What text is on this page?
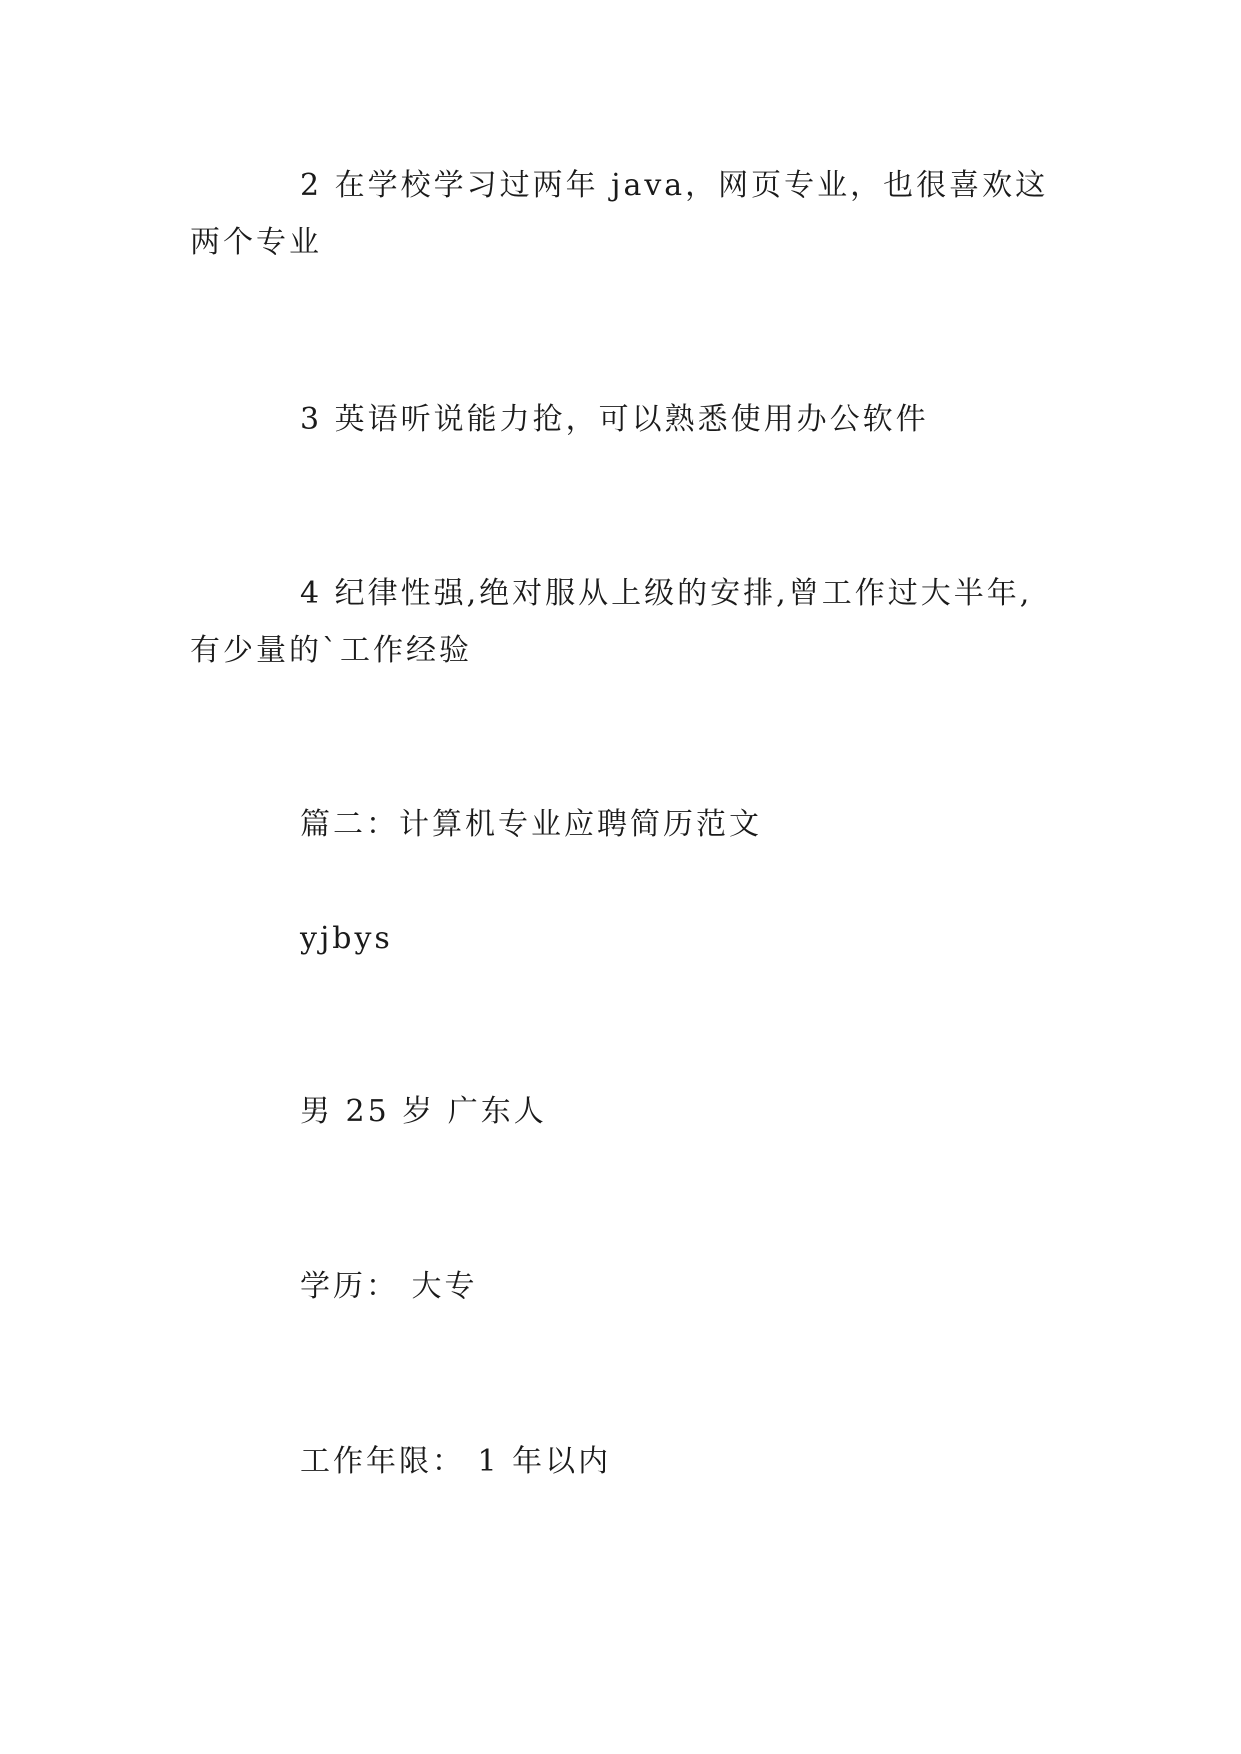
2 在学校学习过两年 java，网页专业，也很喜欢这两个专业

3 英语听说能力抢，可以熟悉使用办公软件

4 纪律性强,绝对服从上级的安排,曾工作过大半年,有少量的`工作经验

篇二：计算机专业应聘简历范文

yjbys

男 25 岁 广东人

学历： 大专

工作年限： 1 年以内
